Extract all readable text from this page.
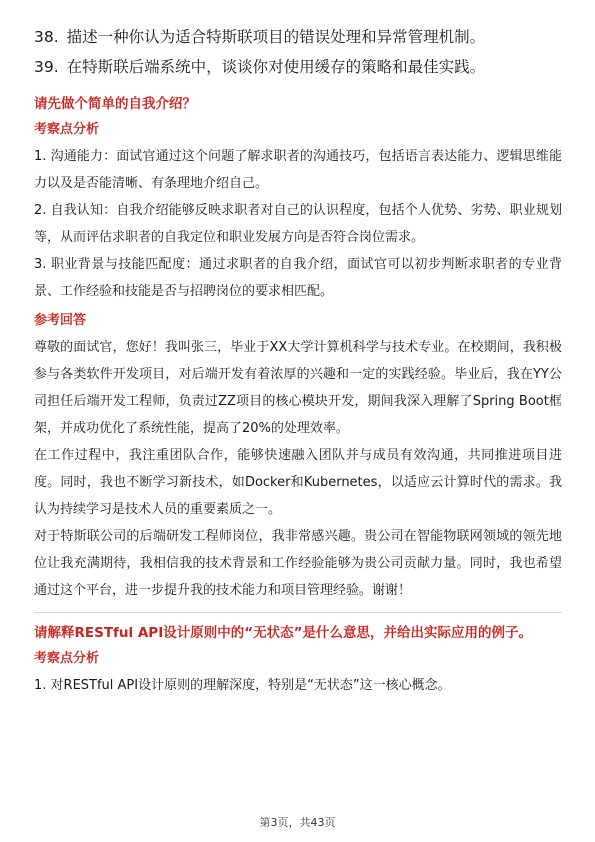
38. 描述一种你认为适合特斯联项目的错误处理和异常管理机制。
39. 在特斯联后端系统中，谈谈你对使用缓存的策略和最佳实践。
请先做个简单的自我介绍？
考察点分析

1. 沟通能力：面试官通过这个问题了解求职者的沟通技巧，包括语言表达能力、逻辑思维能力以及是否能清晰、有条理地介绍自己。

2. 自我认知：自我介绍能够反映求职者对自己的认识程度，包括个人优势、劣势、职业规划等，从而评估求职者的自我定位和职业发展方向是否符合岗位需求。

3. 职业背景与技能匹配度：通过求职者的自我介绍，面试官可以初步判断求职者的专业背景、工作经验和技能是否与招聘岗位的要求相匹配。

参考回答

尊敬的面试官，您好！我叫张三，毕业于XX大学计算机科学与技术专业。在校期间，我积极参与各类软件开发项目，对后端开发有着浓厚的兴趣和一定的实践经验。毕业后，我在YY公司担任后端开发工程师，负责过ZZ项目的核心模块开发，期间我深入理解了Spring Boot框架，并成功优化了系统性能，提高了20%的处理效率。

在工作过程中，我注重团队合作，能够快速融入团队并与成员有效沟通，共同推进项目进度。同时，我也不断学习新技术，如Docker和Kubernetes，以适应云计算时代的需求。我认为持续学习是技术人员的重要素质之一。

对于特斯联公司的后端研发工程师岗位，我非常感兴趣。贵公司在智能物联网领域的领先地位让我充满期待，我相信我的技术背景和工作经验能够为贵公司贡献力量。同时，我也希望通过这个平台，进一步提升我的技术能力和项目管理经验。谢谢！

请解释RESTful API设计原则中的“无状态”是什么意思，并给出实际应用的例子。
考察点分析

1. 对RESTful API设计原则的理解深度，特别是“无状态”这一核心概念。

第3页，共43页
